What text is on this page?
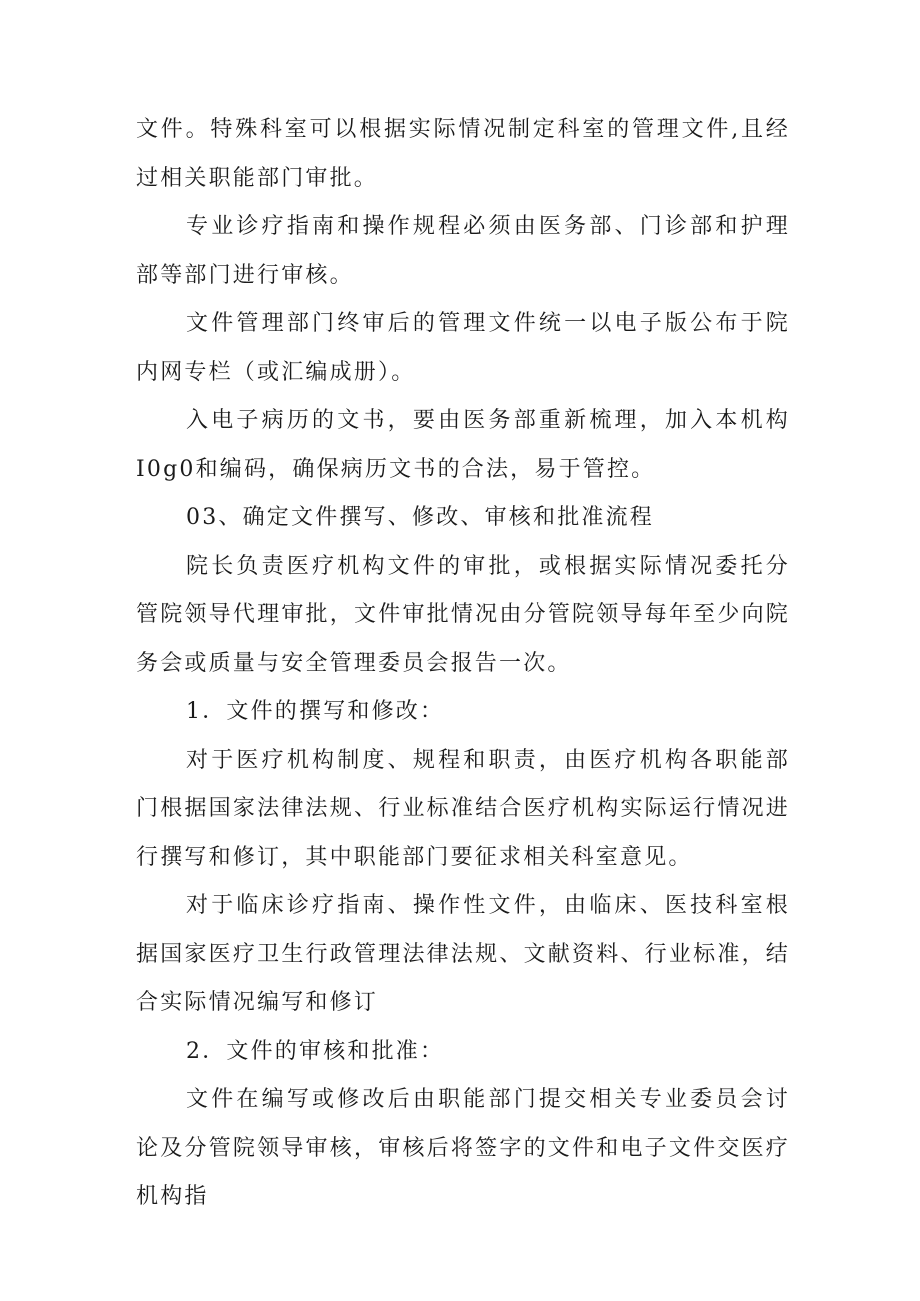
文件。特殊科室可以根据实际情况制定科室的管理文件,且经过相关职能部门审批。

专业诊疗指南和操作规程必须由医务部、门诊部和护理部等部门进行审核。

文件管理部门终审后的管理文件统一以电子版公布于院内网专栏（或汇编成册）。

入电子病历的文书，要由医务部重新梳理，加入本机构I0g0和编码，确保病历文书的合法，易于管控。

03、确定文件撰写、修改、审核和批准流程

院长负责医疗机构文件的审批，或根据实际情况委托分管院领导代理审批，文件审批情况由分管院领导每年至少向院务会或质量与安全管理委员会报告一次。

1．文件的撰写和修改：

对于医疗机构制度、规程和职责，由医疗机构各职能部门根据国家法律法规、行业标准结合医疗机构实际运行情况进行撰写和修订，其中职能部门要征求相关科室意见。

对于临床诊疗指南、操作性文件，由临床、医技科室根据国家医疗卫生行政管理法律法规、文献资料、行业标准，结合实际情况编写和修订

2．文件的审核和批准：

文件在编写或修改后由职能部门提交相关专业委员会讨论及分管院领导审核，审核后将签字的文件和电子文件交医疗机构指
